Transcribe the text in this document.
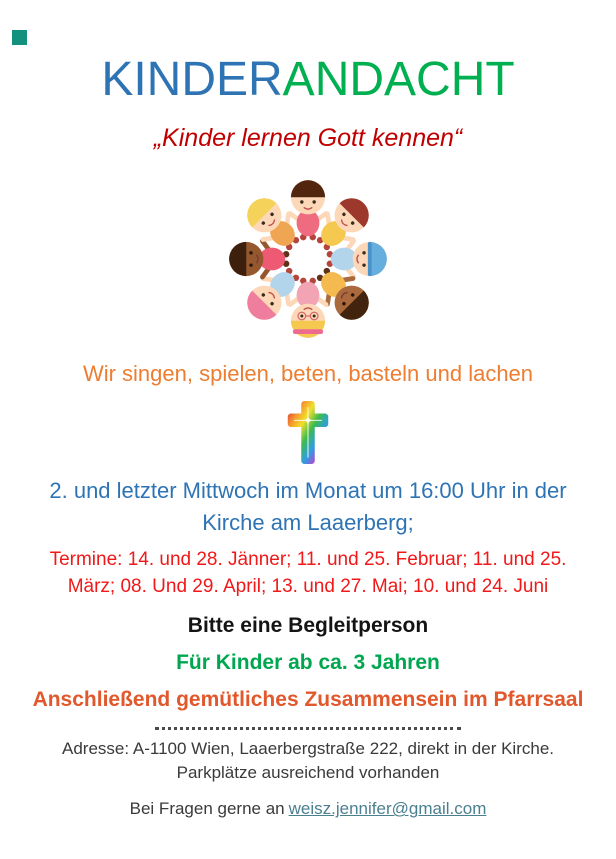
KINDERANDACHT
„Kinder lernen Gott kennen“
Wir singen, spielen, beten, basteln und lachen
2. und letzter Mittwoch im Monat um 16:00 Uhr in der Kirche am Laaerberg;
Termine: 14. und 28. Jänner; 11. und 25. Februar; 11. und 25. März; 08. Und 29. April; 13. und 27. Mai; 10. und 24. Juni
Bitte eine Begleitperson
Für Kinder ab ca. 3 Jahren
Anschließend gemütliches Zusammensein im Pfarrsaal
Adresse: A-1100 Wien, Laaerbergstraße 222, direkt in der Kirche.
Parkplätze ausreichend vorhanden
Bei Fragen gerne an weisz.jennifer@gmail.com
